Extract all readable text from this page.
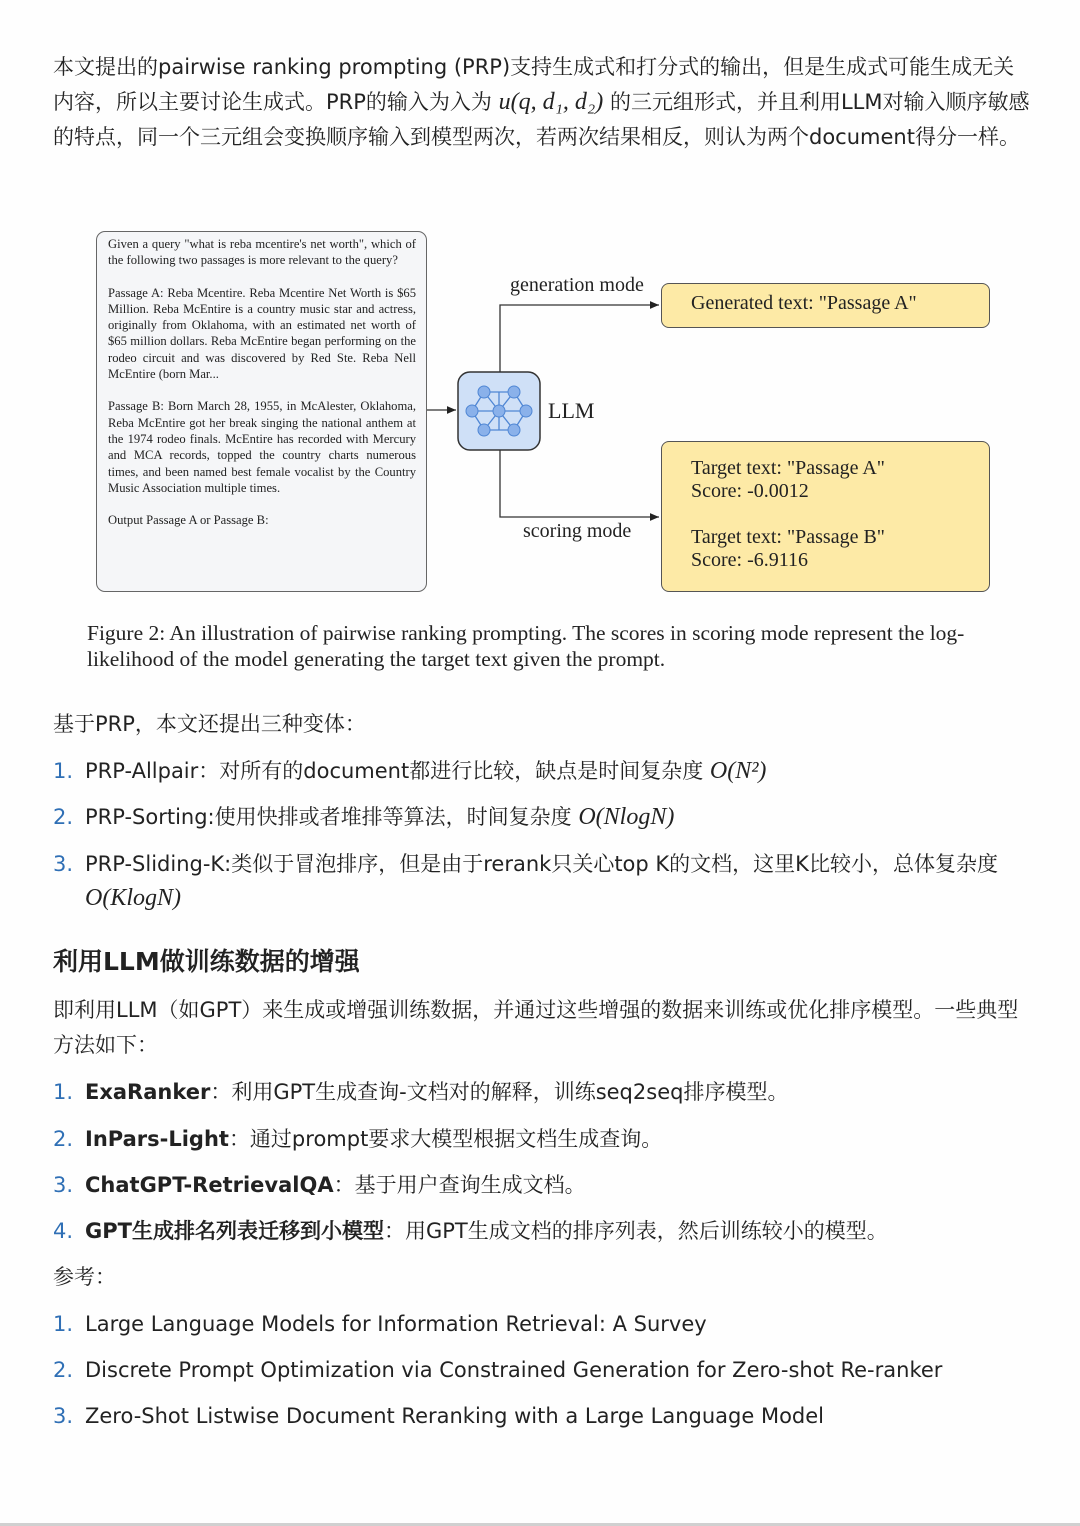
本文提出的pairwise ranking prompting (PRP)支持生成式和打分式的输出，但是生成式可能生成无关内容，所以主要讨论生成式。PRP的输入为入为 u(q, d₁, d₂) 的三元组形式，并且利用LLM对输入顺序敏感的特点，同一个三元组会变换顺序输入到模型两次，若两次结果相反，则认为两个document得分一样。

Given a query "what is reba mcentire's net worth", which of the following two passages is more relevant to the query?

Passage A: Reba Mcentire. Reba Mcentire Net Worth is $65 Million. Reba McEntire is a country music star and actress, originally from Oklahoma, with an estimated net worth of $65 million dollars. Reba McEntire began performing on the rodeo circuit and was discovered by Red Ste. Reba Nell McEntire (born Mar...

Passage B: Born March 28, 1955, in McAlester, Oklahoma, Reba McEntire got her break singing the national anthem at the 1974 rodeo finals. McEntire has recorded with Mercury and MCA records, topped the country charts numerous times, and been named best female vocalist by the Country Music Association multiple times.

Output Passage A or Passage B:

LLM
generation mode
scoring mode
Generated text: "Passage A"
Target text: "Passage A"
Score: -0.0012
Target text: "Passage B"
Score: -6.9116
Figure 2: An illustration of pairwise ranking prompting. The scores in scoring mode represent the log-likelihood of the model generating the target text given the prompt.
基于PRP，本文还提出三种变体：
1. PRP-Allpair：对所有的document都进行比较，缺点是时间复杂度 O(N²)
2. PRP-Sorting:使用快排或者堆排等算法，时间复杂度 O(NlogN)
3. PRP-Sliding-K:类似于冒泡排序，但是由于rerank只关心top K的文档，这里K比较小，总体复杂度 O(KlogN)
利用LLM做训练数据的增强
即利用LLM（如GPT）来生成或增强训练数据，并通过这些增强的数据来训练或优化排序模型。一些典型方法如下：
1. ExaRanker：利用GPT生成查询-文档对的解释，训练seq2seq排序模型。
2. InPars-Light：通过prompt要求大模型根据文档生成查询。
3. ChatGPT-RetrievalQA：基于用户查询生成文档。
4. GPT生成排名列表迁移到小模型：用GPT生成文档的排序列表，然后训练较小的模型。
参考：
1. Large Language Models for Information Retrieval: A Survey
2. Discrete Prompt Optimization via Constrained Generation for Zero-shot Re-ranker
3. Zero-Shot Listwise Document Reranking with a Large Language Model
